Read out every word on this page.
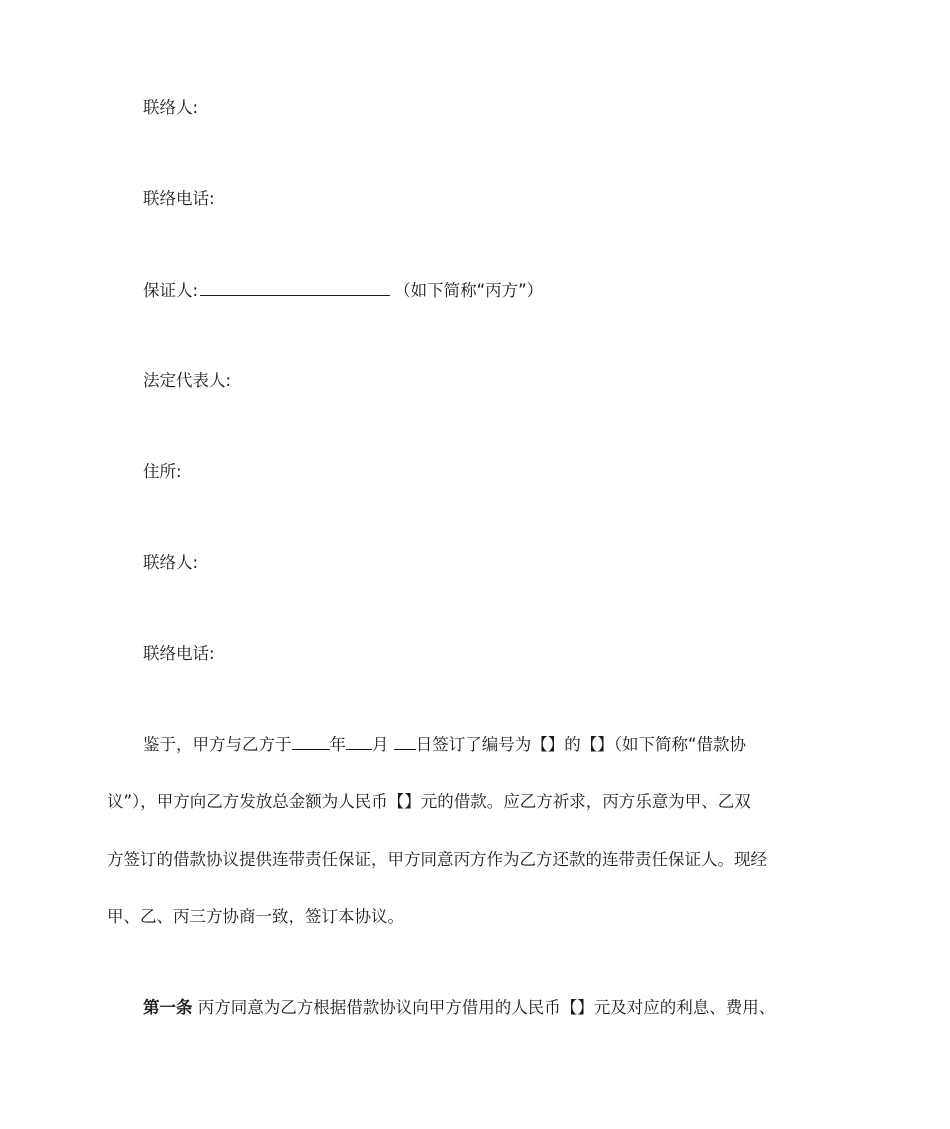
联络人:
联络电话:
保证人:	（如下简称“丙方”）
法定代表人:
住所:
联络人:
联络电话:
鉴于，甲方与乙方于 年 月 日签订了编号为【】的【】（如下简称“借款协
议”），甲方向乙方发放总金额为人民币【】元的借款。应乙方祈求，丙方乐意为甲、乙双
方签订的借款协议提供连带责任保证，甲方同意丙方作为乙方还款的连带责任保证人。现经
甲、乙、丙三方协商一致，签订本协议。
第一条 丙方同意为乙方根据借款协议向甲方借用的人民币【】元及对应的利息、费用、
